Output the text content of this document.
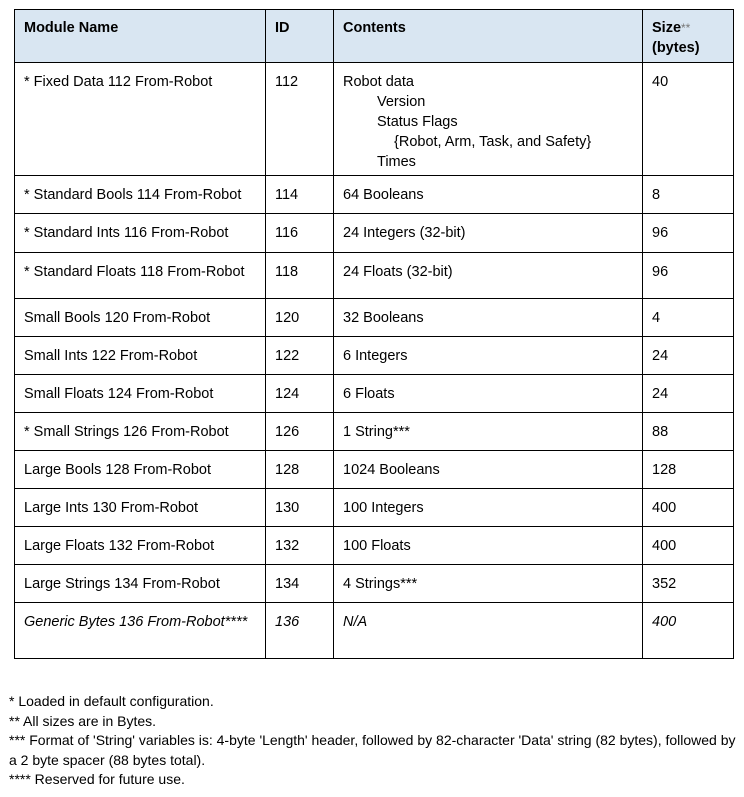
Module Name	ID	Contents	Size**
(bytes)
* Fixed Data 112 From-Robot	112	Robot data
Version
Status Flags
{Robot, Arm, Task, and Safety}
Times	40
* Standard Bools 114 From-Robot	114	64 Booleans	8
* Standard Ints 116 From-Robot	116	24 Integers (32-bit)	96
* Standard Floats 118 From-Robot	118	24 Floats (32-bit)	96
Small Bools 120 From-Robot	120	32 Booleans	4
Small Ints 122 From-Robot	122	6 Integers	24
Small Floats 124 From-Robot	124	6 Floats	24
* Small Strings 126 From-Robot	126	1 String***	88
Large Bools 128 From-Robot	128	1024 Booleans	128
Large Ints 130 From-Robot	130	100 Integers	400
Large Floats 132 From-Robot	132	100 Floats	400
Large Strings 134 From-Robot	134	4 Strings***	352
Generic Bytes 136 From-Robot****	136	N/A	400

* Loaded in default configuration.

** All sizes are in Bytes.

*** Format of 'String' variables is: 4-byte 'Length' header, followed by 82-character 'Data' string (82 bytes), followed by a 2 byte spacer (88 bytes total).

**** Reserved for future use.
